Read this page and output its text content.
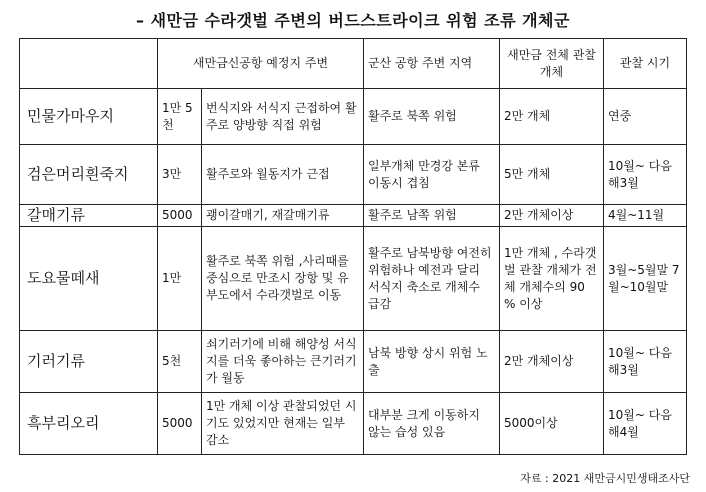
– 새만금 수라갯벌 주변의 버드스트라이크 위험 조류 개체군
	새만금신공항 예정지 주변		군산 공항 주변 지역	새만금 전체 관찰개체	관찰 시기
민물가마우지	1만 5천	번식지와 서식지 근접하여 활주로 양방향 직접 위험	활주로 북쪽 위험	2만 개체	연중
검은머리흰죽지	3만	활주로와 월동지가 근접	일부개체 만경강 본류 이동시 겹침	5만 개체	10월~ 다음해3월
갈매기류	5000	괭이갈매기, 재갈매기류	활주로 남쪽 위험	2만 개체이상	4월~11월
도요물떼새	1만	활주로 북쪽 위험 ,사리때를 중심으로 만조시 장항 및 유부도에서 수라갯벌로 이동	활주로 남북방향 여전히 위험하나 예전과 달리 서식지 축소로 개체수 급감	1만 개체 , 수라갯벌 관찰 개체가 전체 개체수의 90 % 이상	3월~5월말 7월~10월말
기러기류	5천	쇠기러기에 비해 해양성 서식지를 더욱 좋아하는 큰기러기가 월동	남북 방향 상시 위험 노출	2만 개체이상	10월~ 다음해3월
흑부리오리	5000	1만 개체 이상 관찰되었던 시기도 있었지만 현재는 일부 감소	대부분 크게 이동하지 않는 습성 있음	5000이상	10월~ 다음해4월
자료 : 2021 새만금시민생태조사단
